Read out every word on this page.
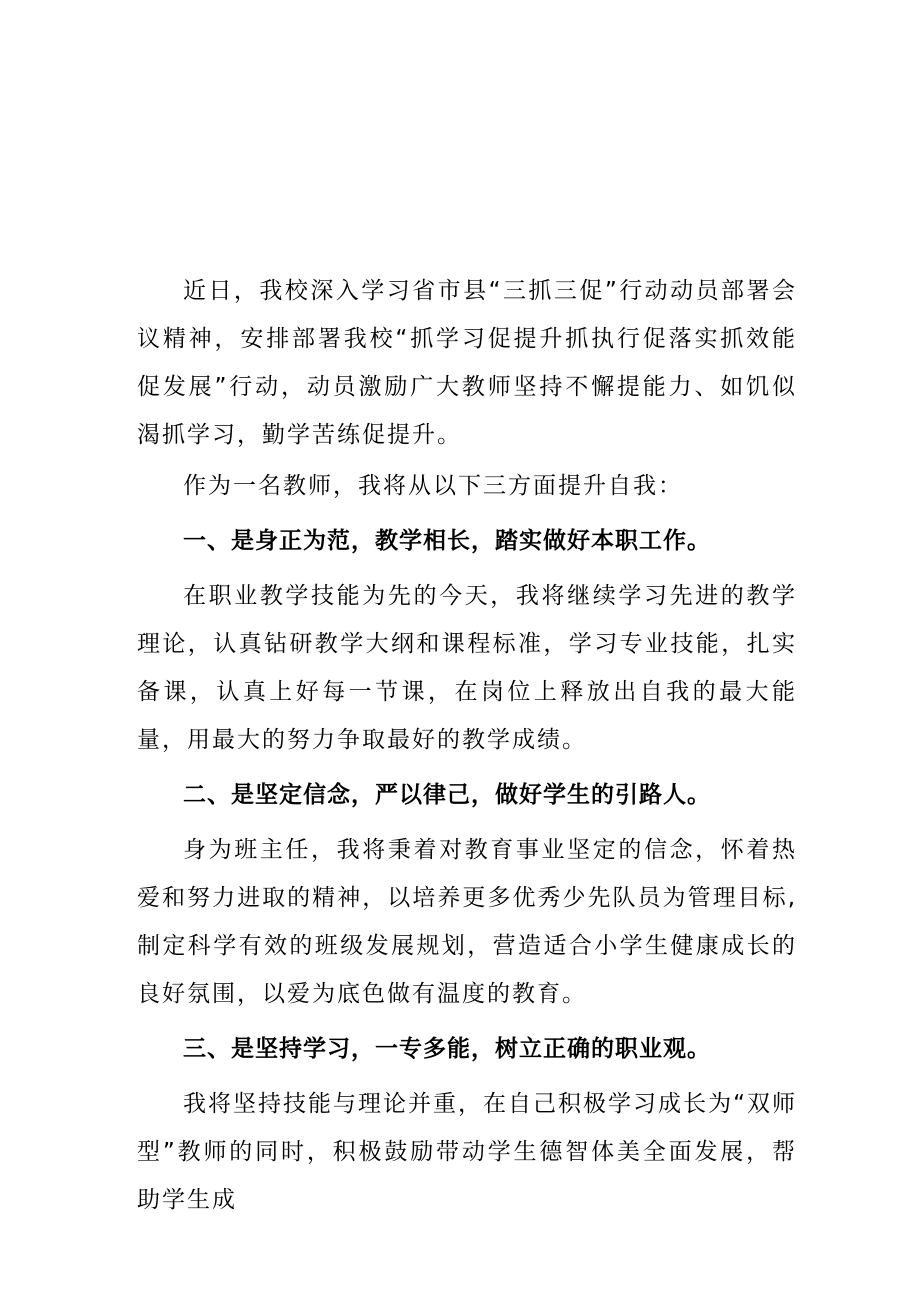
近日，我校深入学习省市县“三抓三促”行动动员部署会议精神，安排部署我校“抓学习促提升抓执行促落实抓效能促发展”行动，动员激励广大教师坚持不懈提能力、如饥似渴抓学习，勤学苦练促提升。

作为一名教师，我将从以下三方面提升自我：

一、是身正为范，教学相长，踏实做好本职工作。

在职业教学技能为先的今天，我将继续学习先进的教学理论，认真钻研教学大纲和课程标准，学习专业技能，扎实备课，认真上好每一节课，在岗位上释放出自我的最大能量，用最大的努力争取最好的教学成绩。

二、是坚定信念，严以律己，做好学生的引路人。

身为班主任，我将秉着对教育事业坚定的信念，怀着热爱和努力进取的精神，以培养更多优秀少先队员为管理目标,制定科学有效的班级发展规划，营造适合小学生健康成长的良好氛围，以爱为底色做有温度的教育。

三、是坚持学习，一专多能，树立正确的职业观。

我将坚持技能与理论并重，在自己积极学习成长为“双师型”教师的同时，积极鼓励带动学生德智体美全面发展，帮助学生成
